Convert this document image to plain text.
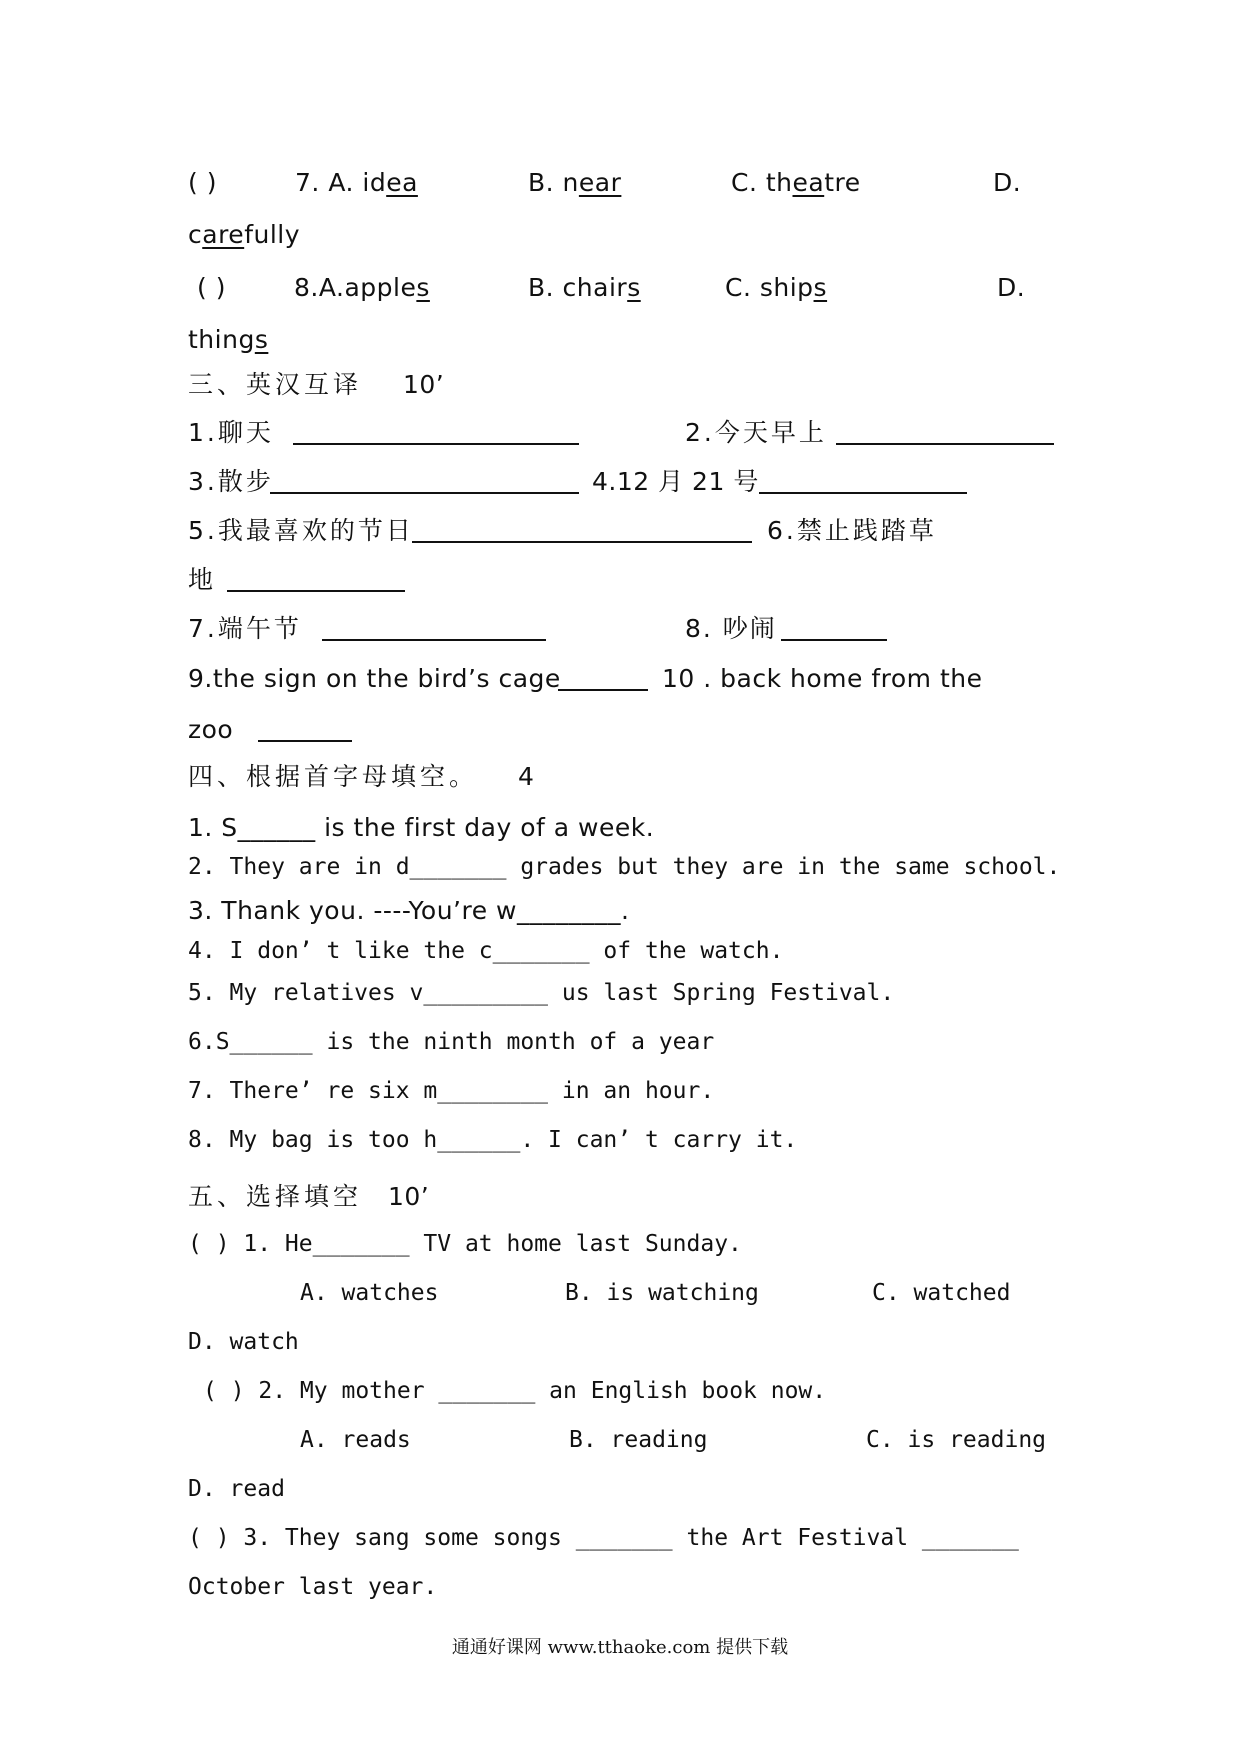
( )	7. A. idea	B. near	C. theatre	D.
carefully
( )	8.A.apples	B. chairs	C. ships	D.
things
三、英汉互译 10’
1.聊天	2.今天早上
3.散步	4.12 月 21 号
5.我最喜欢的节日	6.禁止践踏草
地
7.端午节	8. 吵闹
9.the sign on the bird’s cage	10 . back home from the
zoo
四、根据首字母填空。 4
1. S______ is the first day of a week.
2. They are in d_______ grades but they are in the same school.
3. Thank you. ----You’re w________.
4. I don’ t like the c_______ of the watch.
5. My relatives v_________ us last Spring Festival.
6.S______ is the ninth month of a year
7. There’ re six m________ in an hour.
8. My bag is too h______. I can’ t carry it.
五、选择填空 10’
( ) 1. He_______ TV at home last Sunday.
A. watches	B. is watching	C. watched
D. watch
( ) 2. My mother _______ an English book now.
A. reads	B. reading	C. is reading
D. read
( ) 3. They sang some songs _______ the Art Festival _______
October last year.
通通好课网 www.tthaoke.com 提供下载
